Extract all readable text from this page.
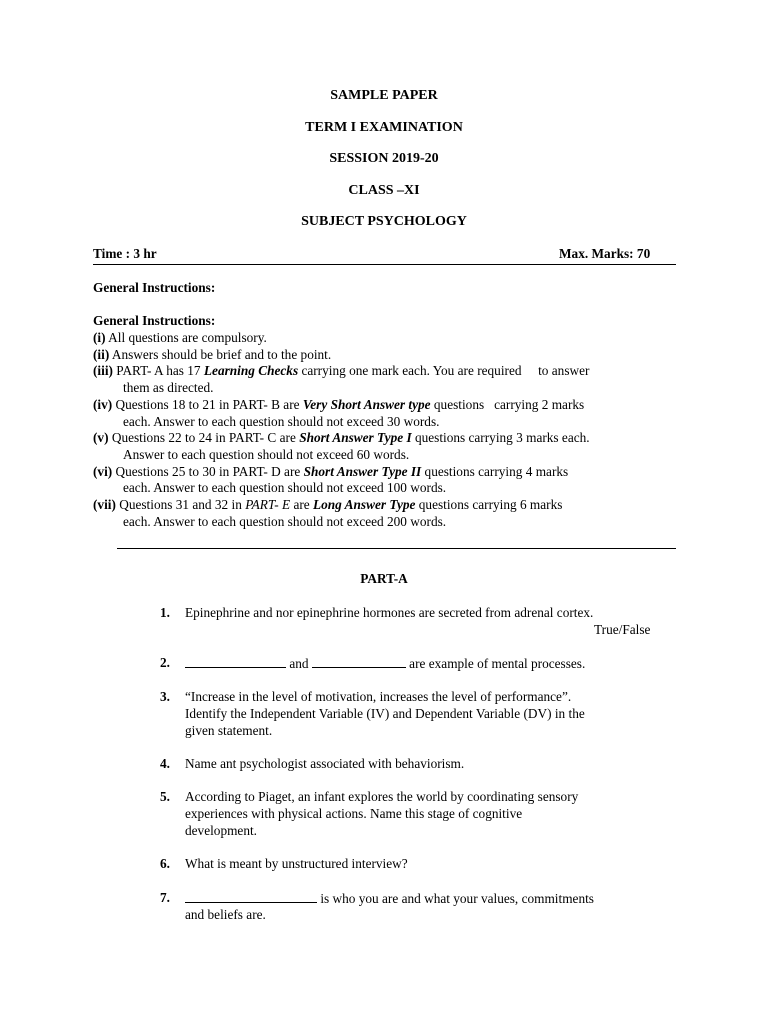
SAMPLE PAPER
TERM I EXAMINATION
SESSION 2019-20
CLASS –XI
SUBJECT PSYCHOLOGY
Time : 3 hr	Max. Marks: 70
General Instructions:
General Instructions:
(i) All questions are compulsory.
(ii) Answers should be brief and to the point.
(iii) PART- A has 17 Learning Checks carrying one mark each. You are required     to answer
them as directed.
(iv) Questions 18 to 21 in PART- B are Very Short Answer type questions   carrying 2 marks
each. Answer to each question should not exceed 30 words.
(v) Questions 22 to 24 in PART- C are Short Answer Type I questions carrying 3 marks each.
Answer to each question should not exceed 60 words.
(vi) Questions 25 to 30 in PART- D are Short Answer Type II questions carrying 4 marks
each. Answer to each question should not exceed 100 words.
(vii) Questions 31 and 32 in PART- E are Long Answer Type questions carrying 6 marks
each. Answer to each question should not exceed 200 words.
PART-A
1. Epinephrine and nor epinephrine hormones are secreted from adrenal cortex.
True/False
2.	and	are example of mental processes.
3. “Increase in the level of motivation, increases the level of performance”.
Identify the Independent Variable (IV) and Dependent Variable (DV) in the
given statement.
4. Name ant psychologist associated with behaviorism.
5. According to Piaget, an infant explores the world by coordinating sensory
experiences with physical actions. Name this stage of cognitive
development.
6. What is meant by unstructured interview?
7.	is who you are and what your values, commitments
and beliefs are.
